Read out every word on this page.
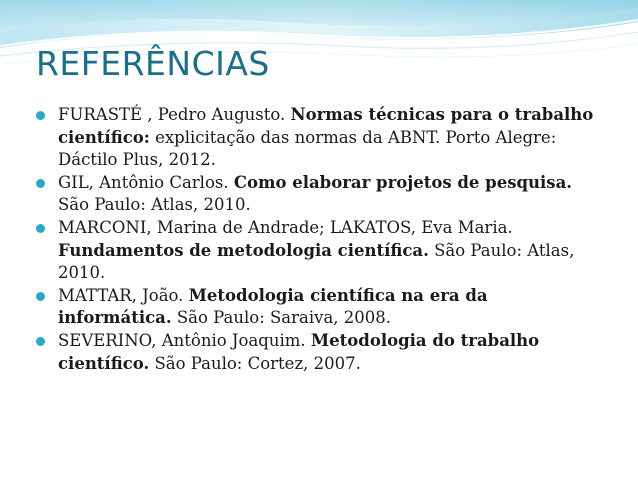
REFERÊNCIAS
FURASTÉ , Pedro Augusto. Normas técnicas para o trabalho científico: explicitação das normas da ABNT. Porto Alegre: Dáctilo Plus, 2012.
GIL, Antônio Carlos. Como elaborar projetos de pesquisa. São Paulo: Atlas, 2010.
MARCONI, Marina de Andrade; LAKATOS, Eva Maria. Fundamentos de metodologia científica. São Paulo: Atlas, 2010.
MATTAR, João. Metodologia científica na era da informática. São Paulo: Saraiva, 2008.
SEVERINO, Antônio Joaquim. Metodologia do trabalho científico. São Paulo: Cortez, 2007.
